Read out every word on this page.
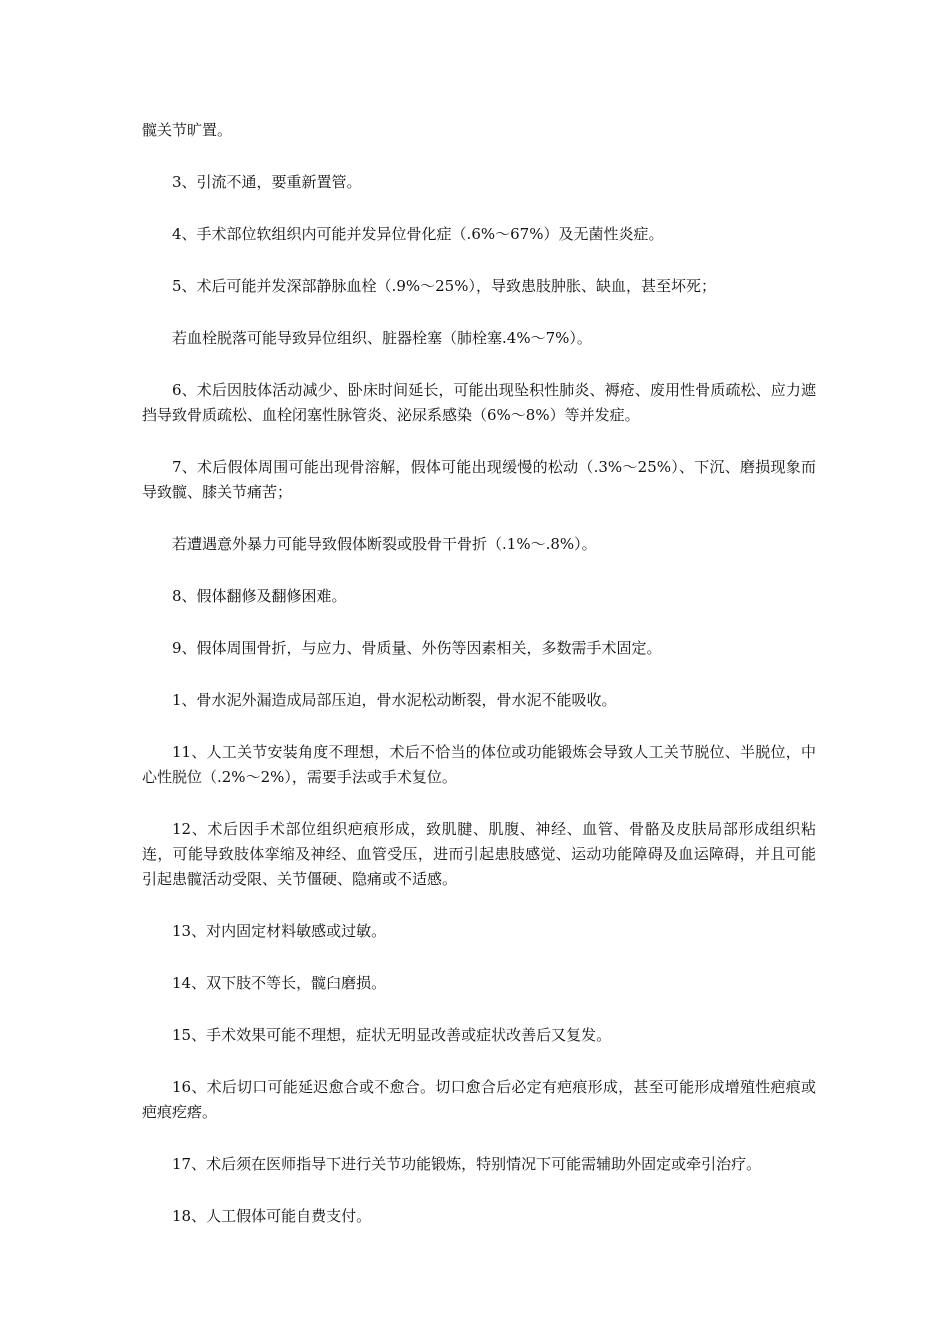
髋关节旷置。

3、引流不通，要重新置管。

4、手术部位软组织内可能并发异位骨化症（.6%～67%）及无菌性炎症。

5、术后可能并发深部静脉血栓（.9%～25%），导致患肢肿胀、缺血，甚至坏死；

若血栓脱落可能导致异位组织、脏器栓塞（肺栓塞.4%～7%）。

6、术后因肢体活动减少、卧床时间延长，可能出现坠积性肺炎、褥疮、废用性骨质疏松、应力遮挡导致骨质疏松、血栓闭塞性脉管炎、泌尿系感染（6%～8%）等并发症。

7、术后假体周围可能出现骨溶解，假体可能出现缓慢的松动（.3%～25%）、下沉、磨损现象而导致髋、膝关节痛苦；

若遭遇意外暴力可能导致假体断裂或股骨干骨折（.1%～.8%）。

8、假体翻修及翻修困难。

9、假体周围骨折，与应力、骨质量、外伤等因素相关，多数需手术固定。

1、骨水泥外漏造成局部压迫，骨水泥松动断裂，骨水泥不能吸收。

11、人工关节安装角度不理想，术后不恰当的体位或功能锻炼会导致人工关节脱位、半脱位，中心性脱位（.2%～2%），需要手法或手术复位。

12、术后因手术部位组织疤痕形成，致肌腱、肌腹、神经、血管、骨骼及皮肤局部形成组织粘连，可能导致肢体挛缩及神经、血管受压，进而引起患肢感觉、运动功能障碍及血运障碍，并且可能引起患髋活动受限、关节僵硬、隐痛或不适感。

13、对内固定材料敏感或过敏。

14、双下肢不等长，髋臼磨损。

15、手术效果可能不理想，症状无明显改善或症状改善后又复发。

16、术后切口可能延迟愈合或不愈合。切口愈合后必定有疤痕形成，甚至可能形成增殖性疤痕或疤痕疙瘩。

17、术后须在医师指导下进行关节功能锻炼，特别情况下可能需辅助外固定或牵引治疗。

18、人工假体可能自费支付。
